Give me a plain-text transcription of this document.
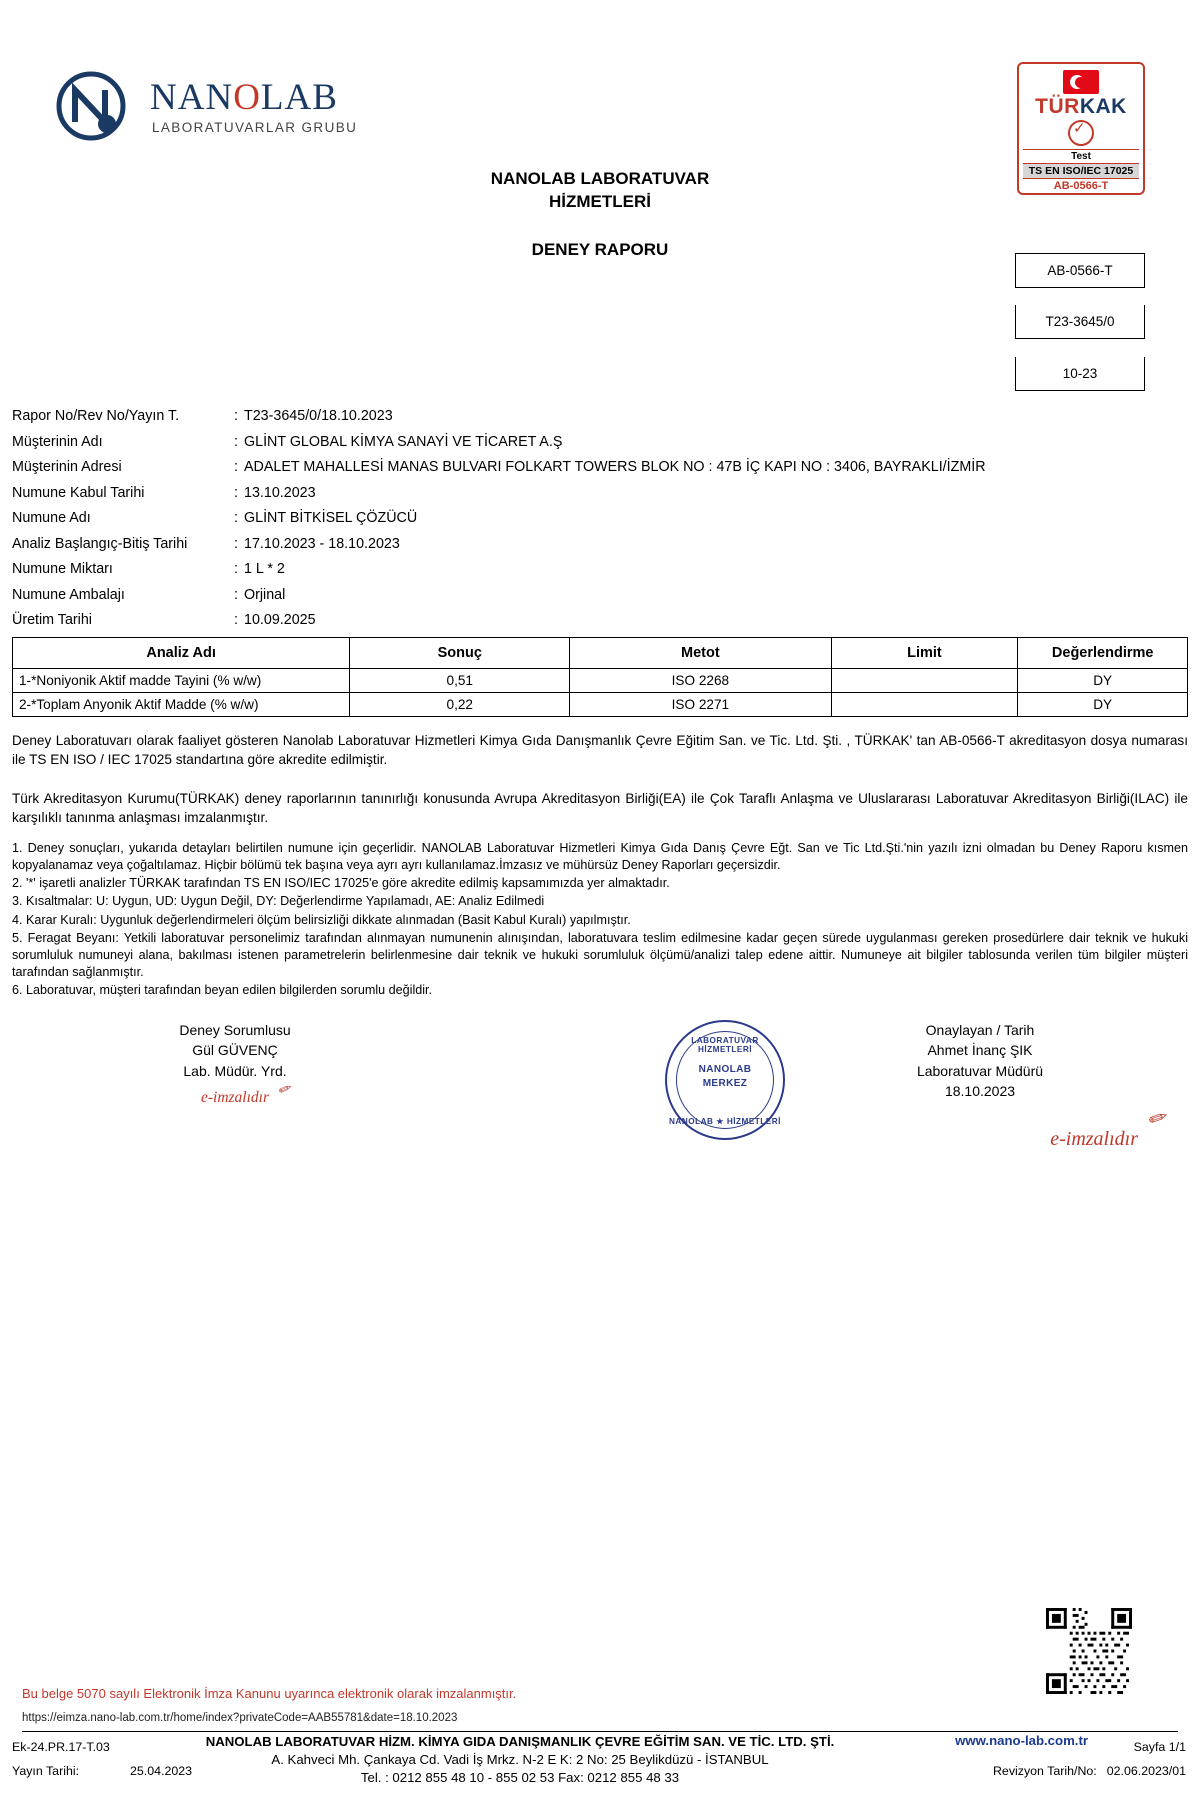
NANOLAB
LABORATUVARLAR GRUBU
NANOLAB LABORATUVAR
HİZMETLERİ
DENEY RAPORU
TÜRKAK
✓
Test
TS EN ISO/IEC 17025
AB-0566-T
AB-0566-T
T23-3645/0
10-23
Rapor No/Rev No/Yayın T.	: T23-3645/0/18.10.2023
Müşterinin Adı	: GLİNT GLOBAL KİMYA SANAYİ VE TİCARET A.Ş
Müşterinin Adresi	: ADALET MAHALLESİ MANAS BULVARI FOLKART TOWERS BLOK NO : 47B İÇ KAPI NO : 3406, BAYRAKLI/İZMİR
Numune Kabul Tarihi	: 13.10.2023
Numune Adı	: GLİNT BİTKİSEL ÇÖZÜCÜ
Analiz Başlangıç-Bitiş Tarihi	: 17.10.2023 - 18.10.2023
Numune Miktarı	: 1 L * 2
Numune Ambalajı	: Orjinal
Üretim Tarihi	: 10.09.2025
Analiz Adı	Sonuç	Metot	Limit	Değerlendirme
1-*Noniyonik Aktif madde Tayini (% w/w)	0,51	ISO 2268		DY
2-*Toplam Anyonik Aktif Madde (% w/w)	0,22	ISO 2271		DY
Deney Laboratuvarı olarak faaliyet gösteren Nanolab Laboratuvar Hizmetleri Kimya Gıda Danışmanlık Çevre Eğitim San. ve Tic. Ltd. Şti. , TÜRKAK' tan AB-0566-T akreditasyon dosya numarası ile TS EN ISO / IEC 17025 standartına göre akredite edilmiştir.
Türk Akreditasyon Kurumu(TÜRKAK) deney raporlarının tanınırlığı konusunda Avrupa Akreditasyon Birliği(EA) ile Çok Taraflı Anlaşma ve Uluslararası Laboratuvar Akreditasyon Birliği(ILAC) ile karşılıklı tanınma anlaşması imzalanmıştır.
1. Deney sonuçları, yukarıda detayları belirtilen numune için geçerlidir. NANOLAB Laboratuvar Hizmetleri Kimya Gıda Danış Çevre Eğt. San ve Tic Ltd.Şti.'nin yazılı izni olmadan bu Deney Raporu kısmen kopyalanamaz veya çoğaltılamaz. Hiçbir bölümü tek başına veya ayrı ayrı kullanılamaz.İmzasız ve mühürsüz Deney Raporları geçersizdir.
2. '*' işaretli analizler TÜRKAK tarafından TS EN ISO/IEC 17025'e göre akredite edilmiş kapsamımızda yer almaktadır.
3. Kısaltmalar: U: Uygun, UD: Uygun Değil, DY: Değerlendirme Yapılamadı, AE: Analiz Edilmedi
4. Karar Kuralı: Uygunluk değerlendirmeleri ölçüm belirsizliği dikkate alınmadan (Basit Kabul Kuralı) yapılmıştır.
5. Feragat Beyanı: Yetkili laboratuvar personelimiz tarafından alınmayan numunenin alınışından, laboratuvara teslim edilmesine kadar geçen sürede uygulanması gereken prosedürlere dair teknik ve hukuki sorumluluk numuneyi alana, bakılması istenen parametrelerin belirlenmesine dair teknik ve hukuki sorumluluk ölçümü/analizi talep edene aittir. Numuneye ait bilgiler tablosunda verilen tüm bilgiler müşteri tarafından sağlanmıştır.
6. Laboratuvar, müşteri tarafından beyan edilen bilgilerden sorumlu değildir.
Deney Sorumlusu
Gül GÜVENÇ
Lab. Müdür. Yrd.
e-imzalıdır ✐
LABORATUVAR HİZMETLERİ
NANOLAB
MERKEZ
NANOLAB ★ HİZMETLERİ
Onaylayan / Tarih
Ahmet İnanç ŞIK
Laboratuvar Müdürü
18.10.2023
e-imzalıdır
✐
Bu belge 5070 sayılı Elektronik İmza Kanunu uyarınca elektronik olarak imzalanmıştır.
https://eimza.nano-lab.com.tr/home/index?privateCode=AAB55781&date=18.10.2023
NANOLAB LABORATUVAR HİZM. KİMYA GIDA DANIŞMANLIK ÇEVRE EĞİTİM SAN. VE TİC. LTD. ŞTİ.
A. Kahveci Mh. Çankaya Cd. Vadi İş Mrkz. N-2 E K: 2 No: 25 Beylikdüzü - İSTANBUL
Tel. : 0212 855 48 10 - 855 02 53 Fax: 0212 855 48 33
www.nano-lab.com.tr
Ek-24.PR.17-T.03
Yayın Tarihi:	25.04.2023
Sayfa 1/1
Revizyon Tarih/No: 02.06.2023/01
